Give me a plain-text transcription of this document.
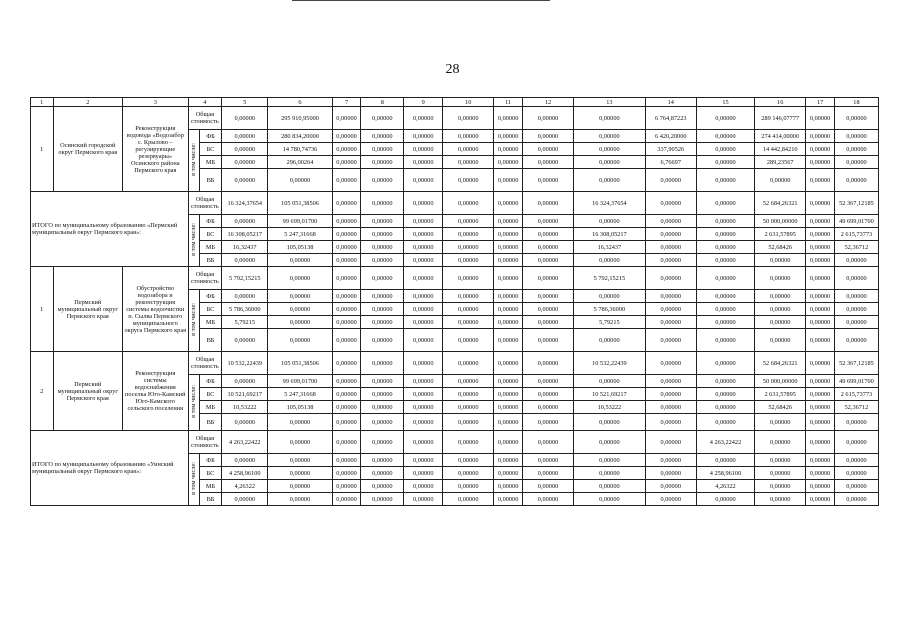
28
1	2	3	4		5	6	7	8	9	10	11	12	13	14	15	16	17	18
1	Осинский городской округ Пермского края	Реконструкция водовода «Водозабор с. Крылово – регулирующие резервуары» Осинского района Пермского края	Общая стоимость		0,00000	295 910,95000	0,00000	0,00000	0,00000	0,00000	0,00000	0,00000	0,00000	6 764,87223	0,00000	289 146,07777	0,00000	0,00000
			в том числе:	ФБ	0,00000	280 834,20000	0,00000	0,00000	0,00000	0,00000	0,00000	0,00000	0,00000	6 420,20000	0,00000	274 414,00000	0,00000	0,00000
				БС	0,00000	14 780,74736	0,00000	0,00000	0,00000	0,00000	0,00000	0,00000	0,00000	337,90526	0,00000	14 442,84210	0,00000	0,00000
				МБ	0,00000	296,00264	0,00000	0,00000	0,00000	0,00000	0,00000	0,00000	0,00000	6,76697	0,00000	289,23567	0,00000	0,00000
				ВБ	0,00000	0,00000	0,00000	0,00000	0,00000	0,00000	0,00000	0,00000	0,00000	0,00000	0,00000	0,00000	0,00000	0,00000
ИТОГО по муниципальному образованию «Пермский муниципальный округ Пермского края»:			Общая стоимость		16 324,37654	105 051,38506	0,00000	0,00000	0,00000	0,00000	0,00000	0,00000	16 324,37654	0,00000	0,00000	52 684,26321	0,00000	52 367,12185
			в том числе:	ФБ	0,00000	99 699,01700	0,00000	0,00000	0,00000	0,00000	0,00000	0,00000	0,00000	0,00000	0,00000	50 000,00000	0,00000	49 699,01700
				БС	16 308,05217	5 247,31668	0,00000	0,00000	0,00000	0,00000	0,00000	0,00000	16 308,05217	0,00000	0,00000	2 631,57895	0,00000	2 615,73773
				МБ	16,32437	105,05138	0,00000	0,00000	0,00000	0,00000	0,00000	0,00000	16,32437	0,00000	0,00000	52,68426	0,00000	52,36712
				ВБ	0,00000	0,00000	0,00000	0,00000	0,00000	0,00000	0,00000	0,00000	0,00000	0,00000	0,00000	0,00000	0,00000	0,00000
1	Пермский муниципальный округ Пермского края	Обустройство водозабора и реконструкция системы водоочистки п. Сылва Пермского муниципального округа Пермского края	Общая стоимость		5 792,15215	0,00000	0,00000	0,00000	0,00000	0,00000	0,00000	0,00000	5 792,15215	0,00000	0,00000	0,00000	0,00000	0,00000
			в том числе:	ФБ	0,00000	0,00000	0,00000	0,00000	0,00000	0,00000	0,00000	0,00000	0,00000	0,00000	0,00000	0,00000	0,00000	0,00000
				БС	5 786,36000	0,00000	0,00000	0,00000	0,00000	0,00000	0,00000	0,00000	5 786,36000	0,00000	0,00000	0,00000	0,00000	0,00000
				МБ	5,79215	0,00000	0,00000	0,00000	0,00000	0,00000	0,00000	0,00000	5,79215	0,00000	0,00000	0,00000	0,00000	0,00000
				ВБ	0,00000	0,00000	0,00000	0,00000	0,00000	0,00000	0,00000	0,00000	0,00000	0,00000	0,00000	0,00000	0,00000	0,00000
2	Пермский муниципальный округ Пермского края	Реконструкция системы водоснабжения поселка Юго-Камский Юго-Камского сельского поселения	Общая стоимость		10 532,22439	105 051,38506	0,00000	0,00000	0,00000	0,00000	0,00000	0,00000	10 532,22439	0,00000	0,00000	52 684,26321	0,00000	52 367,12185
			в том числе:	ФБ	0,00000	99 699,01700	0,00000	0,00000	0,00000	0,00000	0,00000	0,00000	0,00000	0,00000	0,00000	50 000,00000	0,00000	49 699,01700
				БС	10 521,69217	5 247,31668	0,00000	0,00000	0,00000	0,00000	0,00000	0,00000	10 521,69217	0,00000	0,00000	2 631,57895	0,00000	2 615,73773
				МБ	10,53222	105,05138	0,00000	0,00000	0,00000	0,00000	0,00000	0,00000	10,53222	0,00000	0,00000	52,68426	0,00000	52,36712
				ВБ	0,00000	0,00000	0,00000	0,00000	0,00000	0,00000	0,00000	0,00000	0,00000	0,00000	0,00000	0,00000	0,00000	0,00000
ИТОГО по муниципальному образованию «Уинский муниципальный округ Пермского края»:			Общая стоимость		4 263,22422	0,00000	0,00000	0,00000	0,00000	0,00000	0,00000	0,00000	0,00000	0,00000	4 263,22422	0,00000	0,00000	0,00000
			в том числе:	ФБ	0,00000	0,00000	0,00000	0,00000	0,00000	0,00000	0,00000	0,00000	0,00000	0,00000	0,00000	0,00000	0,00000	0,00000
				БС	4 258,96100	0,00000	0,00000	0,00000	0,00000	0,00000	0,00000	0,00000	0,00000	0,00000	4 258,96100	0,00000	0,00000	0,00000
				МБ	4,26322	0,00000	0,00000	0,00000	0,00000	0,00000	0,00000	0,00000	0,00000	0,00000	4,26322	0,00000	0,00000	0,00000
				ВБ	0,00000	0,00000	0,00000	0,00000	0,00000	0,00000	0,00000	0,00000	0,00000	0,00000	0,00000	0,00000	0,00000	0,00000
